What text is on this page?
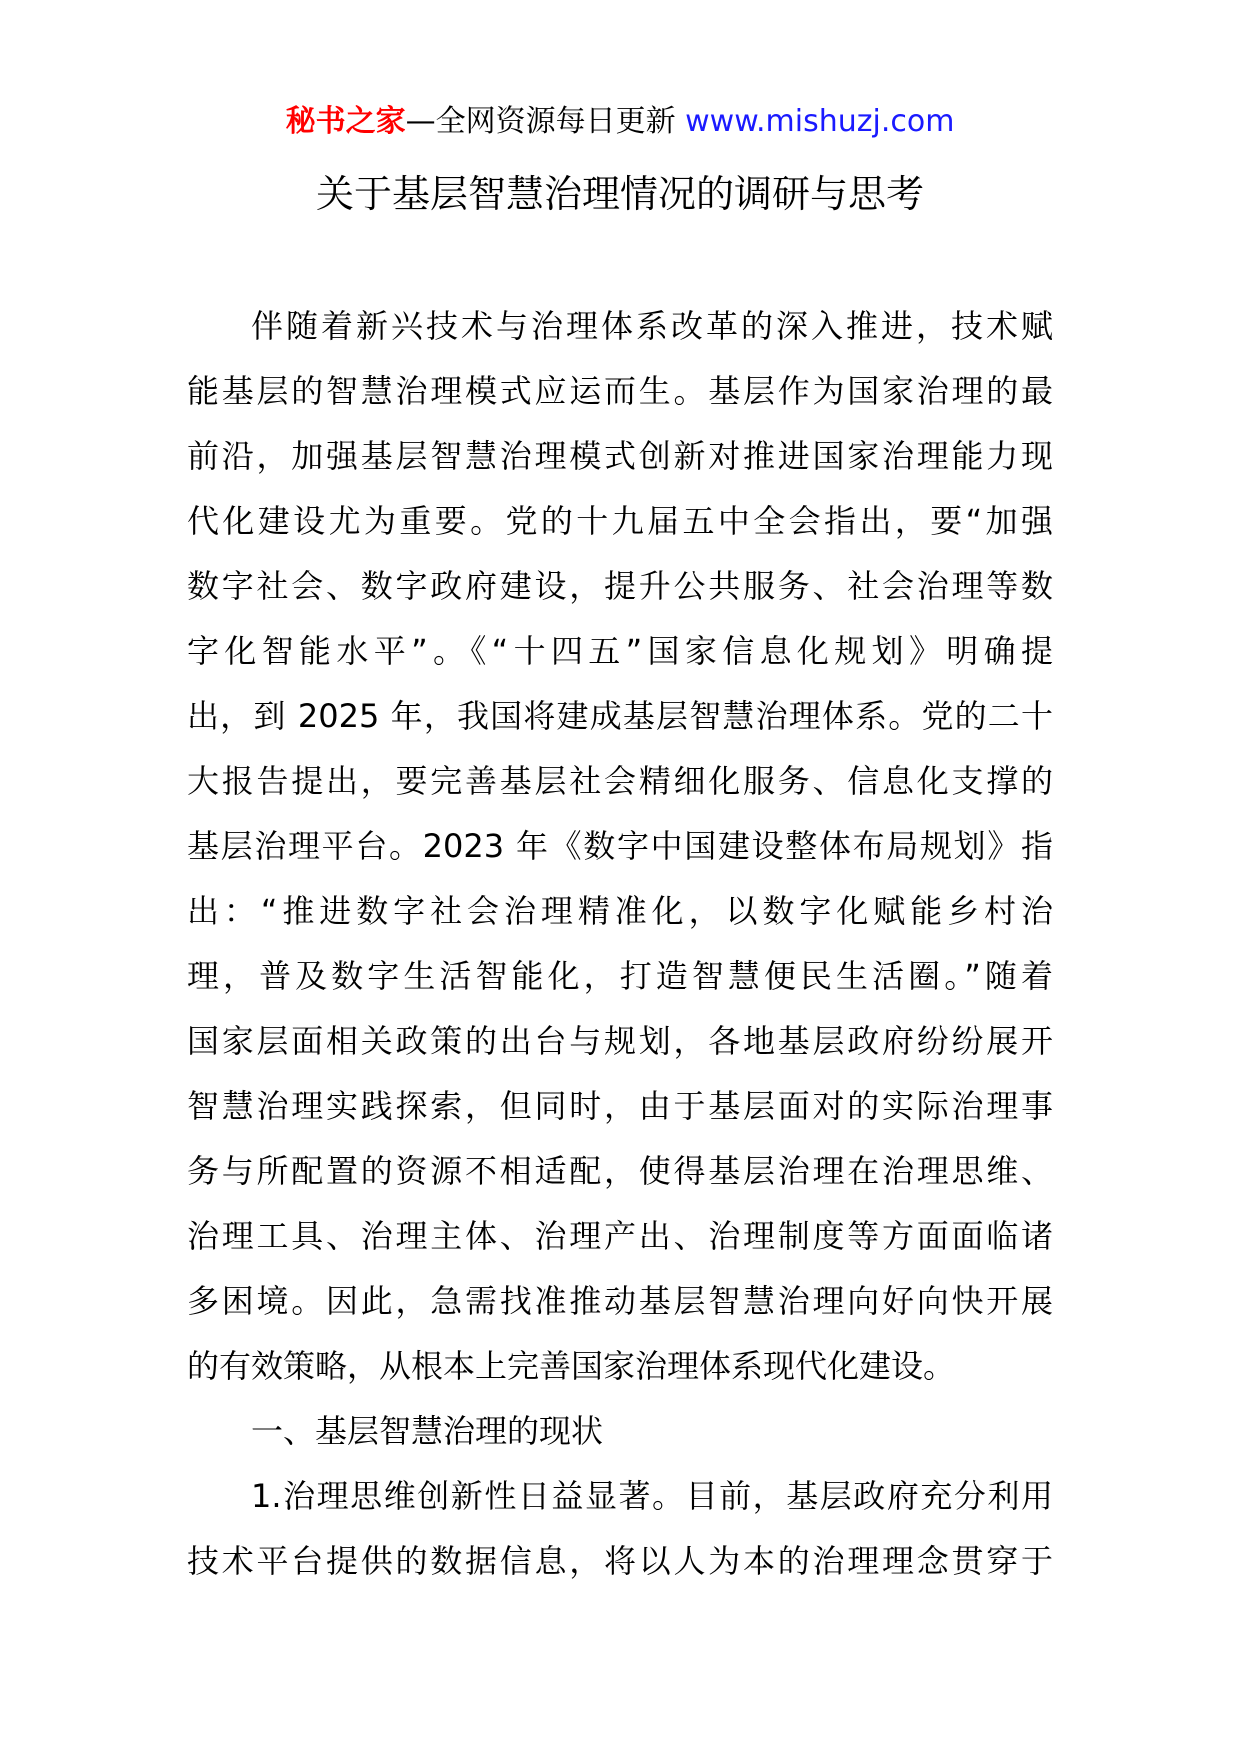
秘书之家—全网资源每日更新 www.mishuzj.com
关于基层智慧治理情况的调研与思考
伴随着新兴技术与治理体系改革的深入推进，技术赋
能基层的智慧治理模式应运而生。基层作为国家治理的最
前沿，加强基层智慧治理模式创新对推进国家治理能力现
代化建设尤为重要。党的十九届五中全会指出，要“加强
数字社会、数字政府建设，提升公共服务、社会治理等数
字化智能水平”。《“十四五”国家信息化规划》明确提
出，到 2025 年，我国将建成基层智慧治理体系。党的二十
大报告提出，要完善基层社会精细化服务、信息化支撑的
基层治理平台。2023 年《数字中国建设整体布局规划》指
出：“推进数字社会治理精准化，以数字化赋能乡村治
理，普及数字生活智能化，打造智慧便民生活圈。”随着
国家层面相关政策的出台与规划，各地基层政府纷纷展开
智慧治理实践探索，但同时，由于基层面对的实际治理事
务与所配置的资源不相适配，使得基层治理在治理思维、
治理工具、治理主体、治理产出、治理制度等方面面临诸
多困境。因此，急需找准推动基层智慧治理向好向快开展
的有效策略，从根本上完善国家治理体系现代化建设。
一、基层智慧治理的现状
1.治理思维创新性日益显著。目前，基层政府充分利用
技术平台提供的数据信息，将以人为本的治理理念贯穿于
